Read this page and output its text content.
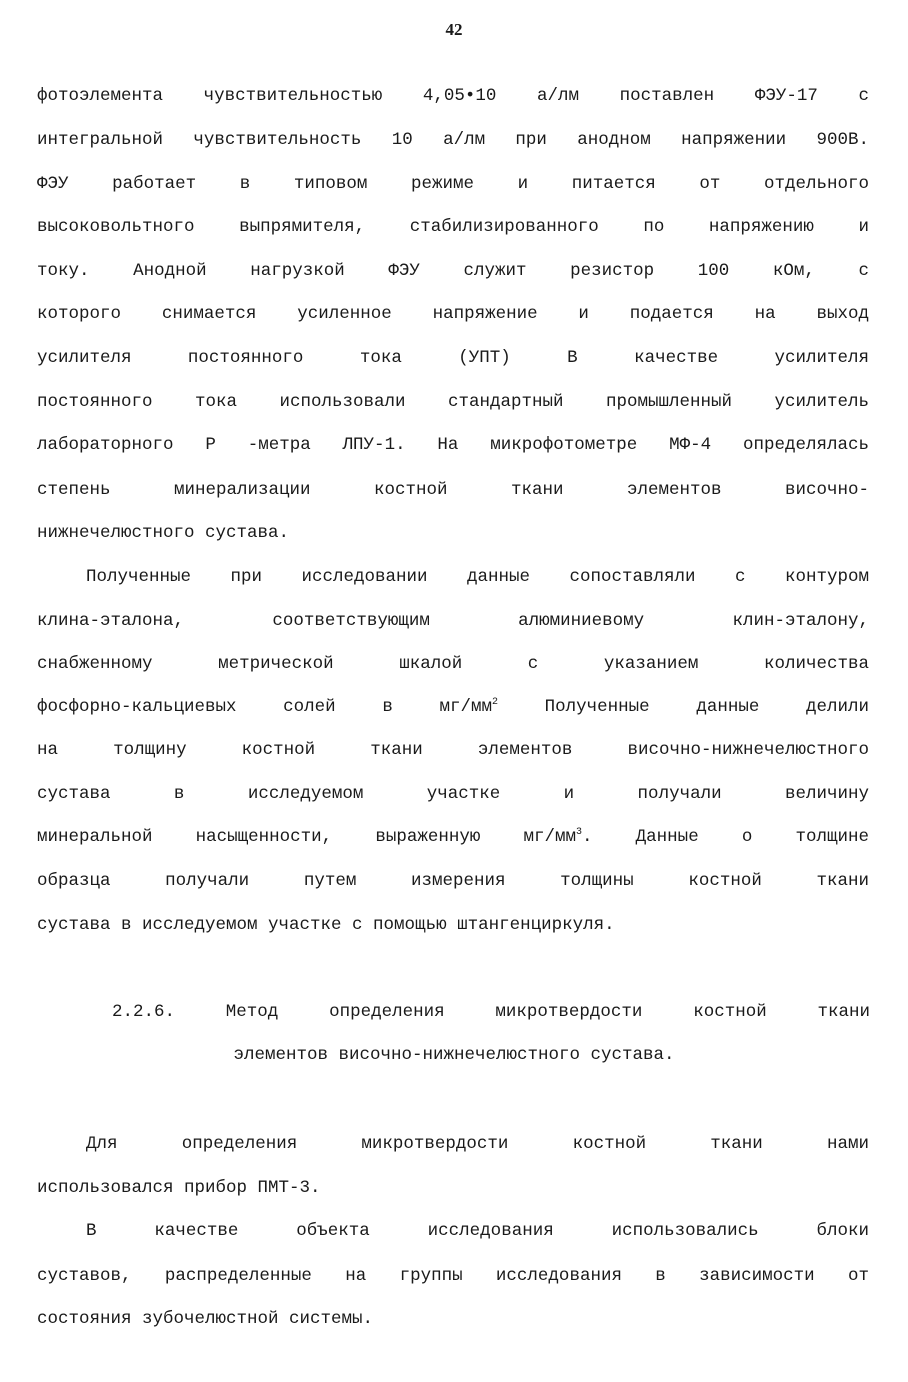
42
фотоэлемента чувствительностью 4,05•10 а/лм поставлен ФЭУ-17 с
интегральной чувствительность 10 а/лм при анодном напряжении 900В.
ФЭУ работает в типовом режиме и питается от отдельного
высоковольтного выпрямителя, стабилизированного по напряжению и
току. Анодной нагрузкой ФЭУ служит резистор 100 кОм, с
которого снимается усиленное напряжение и подается на выход
усилителя постоянного тока (УПТ) В качестве усилителя
постоянного тока использовали стандартный промышленный усилитель
лабораторного Р -метра ЛПУ-1. На микрофотометре МФ-4 определялась
степень минерализации костной ткани элементов височно-
нижнечелюстного сустава.
Полученные при исследовании данные сопоставляли с контуром
клина-эталона, соответствующим алюминиевому клин-эталону,
снабженному метрической шкалой с указанием количества
фосфорно-кальциевых солей в $мг/мм^2$ Полученные данные делили
на толщину костной ткани элементов височно-нижнечелюстного
сустава в исследуемом участке и получали величину
минеральной насыщенности, выраженную $мг/мм^3$. Данные о толщине
образца получали путем измерения толщины костной ткани
сустава в исследуемом участке с помощью штангенциркуля.
2.2.6. Метод определения микротвердости костной ткани
элементов височно-нижнечелюстного сустава.
Для определения микротвердости костной ткани нами
использовался прибор ПМТ-3.
В качестве объекта исследования использовались блоки
суставов, распределенные на группы исследования в зависимости от
состояния зубочелюстной системы.
